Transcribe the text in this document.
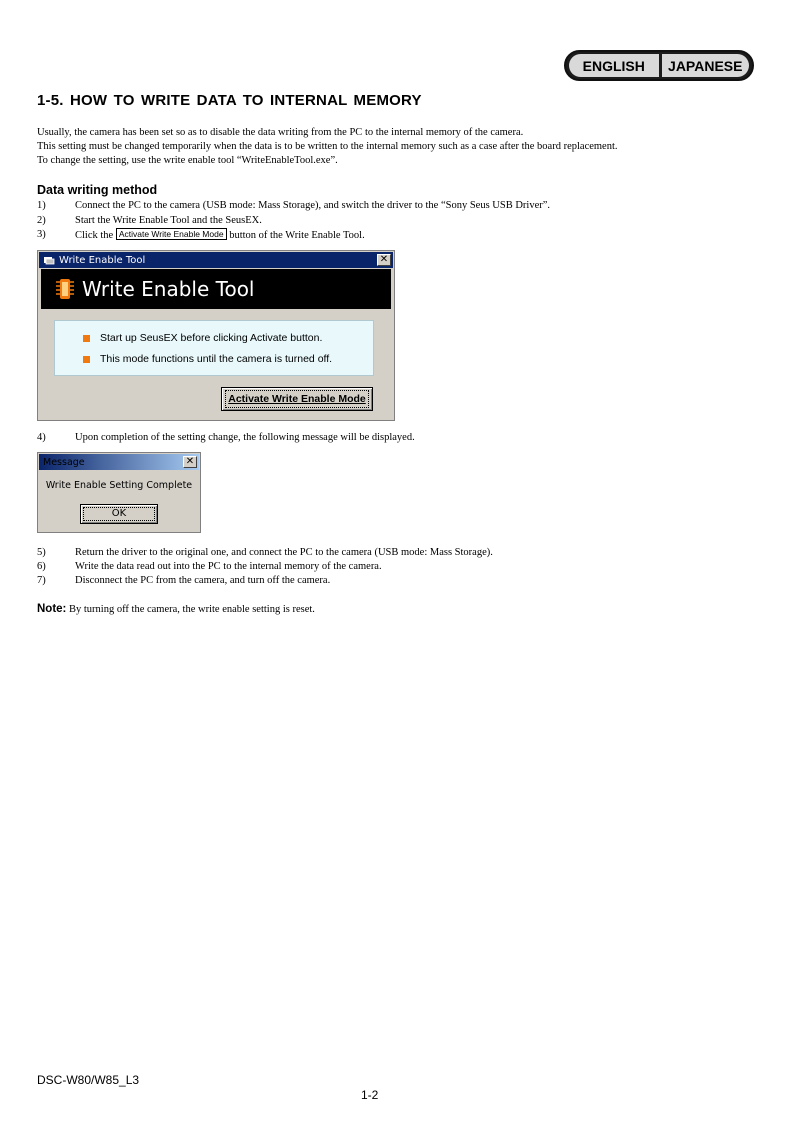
ENGLISH	JAPANESE
1-5. HOW TO WRITE DATA TO INTERNAL MEMORY
Usually, the camera has been set so as to disable the data writing from the PC to the internal memory of the camera.
This setting must be changed temporarily when the data is to be written to the internal memory such as a case after the board replacement.
To change the setting, use the write enable tool “WriteEnableTool.exe”.
Data writing method
1)	Connect the PC to the camera (USB mode: Mass Storage), and switch the driver to the “Sony Seus USB Driver”.
2)	Start the Write Enable Tool and the SeusEX.
3)	Click the Activate Write Enable Mode button of the Write Enable Tool.
Write Enable Tool	✕
Write Enable Tool
Start up SeusEX before clicking Activate button.
This mode functions until the camera is turned off.
Activate Write Enable Mode
4)	Upon completion of the setting change, the following message will be displayed.
Message	✕
Write Enable Setting Complete
OK
5)	Return the driver to the original one, and connect the PC to the camera (USB mode: Mass Storage).
6)	Write the data read out into the PC to the internal memory of the camera.
7)	Disconnect the PC from the camera, and turn off the camera.
Note: By turning off the camera, the write enable setting is reset.
DSC-W80/W85_L3
1-2
